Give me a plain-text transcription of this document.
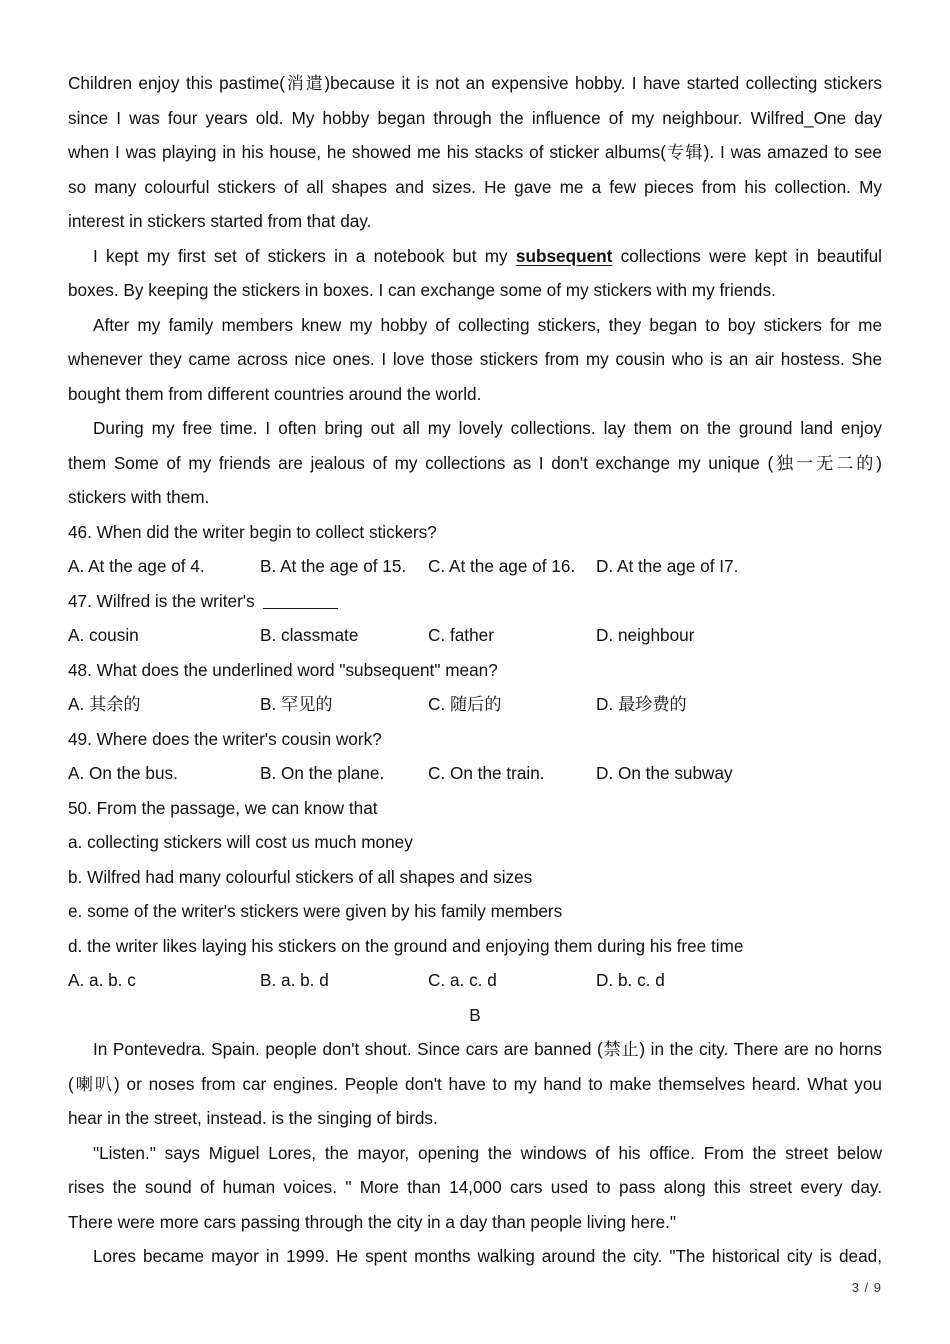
Children enjoy this pastime(消遣)because it is not an expensive hobby. I have started collecting stickers
since I was four years old. My hobby began through the influence of my neighbour. Wilfred_One day
when I was playing in his house, he showed me his stacks of sticker albums(专辑). I was amazed to see
so many colourful stickers of all shapes and sizes. He gave me a few pieces from his collection. My
interest in stickers started from that day.
I kept my first set of stickers in a notebook but my subsequent collections were kept in beautiful
boxes. By keeping the stickers in boxes. I can exchange some of my stickers with my friends.
After my family members knew my hobby of collecting stickers, they began to boy stickers for me
whenever they came across nice ones. I love those stickers from my cousin who is an air hostess. She
bought them from different countries around the world.
During my free time. I often bring out all my lovely collections. lay them on the ground land enjoy
them Some of my friends are jealous of my collections as I don't exchange my unique (独一无二的)
stickers with them.
46. When did the writer begin to collect stickers?
A. At the age of 4.	B. At the age of 15.	C. At the age of 16.	D. At the age of I7.
47. Wilfred is the writer's
A. cousin	B. classmate	C. father	D. neighbour
48. What does the underlined word "subsequent" mean?
A. 其余的	B. 罕见的	C. 随后的	D. 最珍费的
49. Where does the writer's cousin work?
A. On the bus.	B. On the plane.	C. On the train.	D. On the subway
50. From the passage, we can know that
a. collecting stickers will cost us much money
b. Wilfred had many colourful stickers of all shapes and sizes
e. some of the writer's stickers were given by his family members
d. the writer likes laying his stickers on the ground and enjoying them during his free time
A. a. b. c	B. a. b. d	C. a. c. d	D. b. c. d
B
In Pontevedra. Spain. people don't shout. Since cars are banned (禁止) in the city. There are no horns
(喇叭) or noses from car engines. People don't have to my hand to make themselves heard. What you
hear in the street, instead. is the singing of birds.
"Listen." says Miguel Lores, the mayor, opening the windows of his office. From the street below
rises the sound of human voices. " More than 14,000 cars used to pass along this street every day.
There were more cars passing through the city in a day than people living here."
Lores became mayor in 1999. He spent months walking around the city. "The historical city is dead,
3 / 9
